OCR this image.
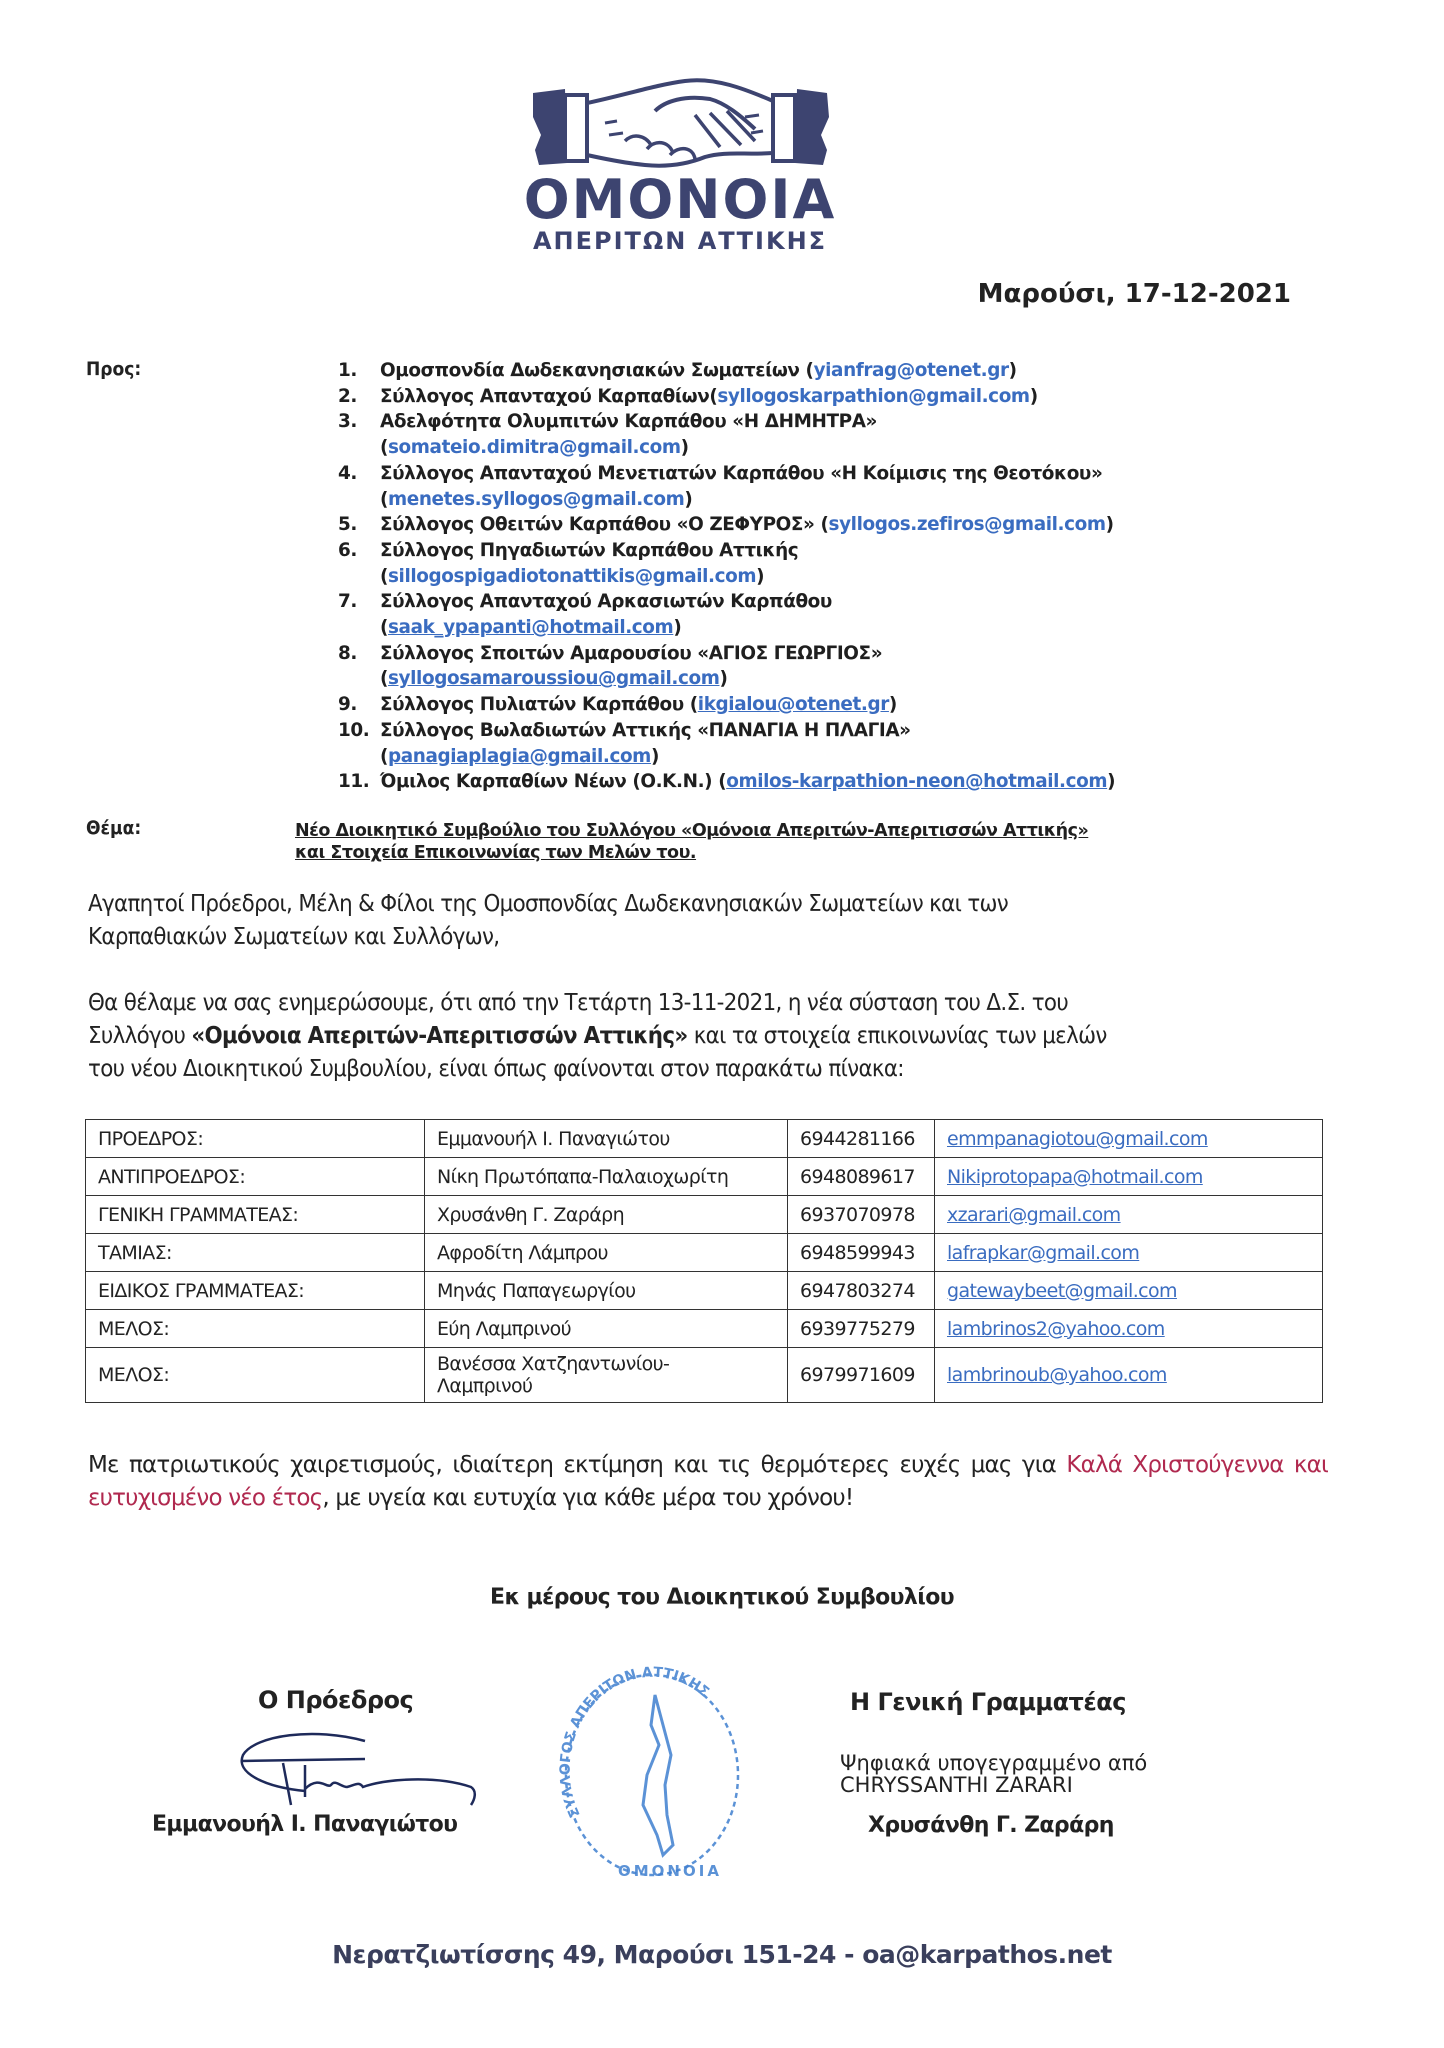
ΟΜΟΝΟΙΑ
ΑΠΕΡΙΤΩΝ ΑΤΤΙΚΗΣ
Μαρούσι, 17-12-2021
Προς:	1.	Ομοσπονδία Δωδεκανησιακών Σωματείων (yianfrag@otenet.gr)
2.	Σύλλογος Απανταχού Καρπαθίων(syllogoskarpathion@gmail.com)
3.	Αδελφότητα Ολυμπιτών Καρπάθου «Η ΔΗΜΗΤΡΑ»
(somateio.dimitra@gmail.com)
4.	Σύλλογος Απανταχού Μενετιατών Καρπάθου «Η Κοίμισις της Θεοτόκου»
(menetes.syllogos@gmail.com)
5.	Σύλλογος Οθειτών Καρπάθου «Ο ΖΕΦΥΡΟΣ» (syllogos.zefiros@gmail.com)
6.	Σύλλογος Πηγαδιωτών Καρπάθου Αττικής
(sillogospigadiotonattikis@gmail.com)
7.	Σύλλογος Απανταχού Αρκασιωτών Καρπάθου
(saak_ypapanti@hotmail.com)
8.	Σύλλογος Σποιτών Αμαρουσίου «ΑΓΙΟΣ ΓΕΩΡΓΙΟΣ»
(syllogosamaroussiou@gmail.com)
9.	Σύλλογος Πυλιατών Καρπάθου (ikgialou@otenet.gr)
10. Σύλλογος Βωλαδιωτών Αττικής «ΠΑΝΑΓΙΑ Η ΠΛΑΓΙΑ»
(panagiaplagia@gmail.com)
11. Όμιλος Καρπαθίων Νέων (Ο.Κ.Ν.) (omilos-karpathion-neon@hotmail.com)
Θέμα:	Νέο Διοικητικό Συμβούλιο του Συλλόγου «Ομόνοια Απεριτών-Απεριτισσών Αττικής»
και Στοιχεία Επικοινωνίας των Μελών του.
Αγαπητοί Πρόεδροι, Μέλη & Φίλοι της Ομοσπονδίας Δωδεκανησιακών Σωματείων και των
Καρπαθιακών Σωματείων και Συλλόγων,
Θα θέλαμε να σας ενημερώσουμε, ότι από την Τετάρτη 13-11-2021, η νέα σύσταση του Δ.Σ. του
Συλλόγου «Ομόνοια Απεριτών-Απεριτισσών Αττικής» και τα στοιχεία επικοινωνίας των μελών
του νέου Διοικητικού Συμβουλίου, είναι όπως φαίνονται στον παρακάτω πίνακα:
ΠΡΟΕΔΡΟΣ:	Εμμανουήλ Ι. Παναγιώτου	6944281166	emmpanagiotou@gmail.com
ΑΝΤΙΠΡΟΕΔΡΟΣ:	Νίκη Πρωτόπαπα-Παλαιοχωρίτη	6948089617	Nikiprotopapa@hotmail.com
ΓΕΝΙΚΗ ΓΡΑΜΜΑΤΕΑΣ:	Χρυσάνθη Γ. Ζαράρη	6937070978	xzarari@gmail.com
ΤΑΜΙΑΣ:	Αφροδίτη Λάμπρου	6948599943	lafrapkar@gmail.com
ΕΙΔΙΚΟΣ ΓΡΑΜΜΑΤΕΑΣ:	Μηνάς Παπαγεωργίου	6947803274	gatewaybeet@gmail.com
ΜΕΛΟΣ:	Εύη Λαμπρινού	6939775279	lambrinos2@yahoo.com
ΜΕΛΟΣ:	Βανέσσα Χατζηαντωνίου-Λαμπρινού	6979971609	lambrinoub@yahoo.com
Με πατριωτικούς χαιρετισμούς, ιδιαίτερη εκτίμηση και τις θερμότερες ευχές μας για Καλά Χριστούγεννα και ευτυχισμένο νέο έτος, με υγεία και ευτυχία για κάθε μέρα του χρόνου!
Εκ μέρους του Διοικητικού Συμβουλίου
Ο Πρόεδρος
Εμμανουήλ Ι. Παναγιώτου	ΣΥΛΛΟΓΟΣ ΑΠΕΡΙΤΩΝ ΑΤΤΙΚΗΣ
ΟΜΟΝΟΙΑ
Η Γενική Γραμματέας
Ψηφιακά υπογεγραμμένο από
CHRYSSANTHI ZARARI
Χρυσάνθη Γ. Ζαράρη
Νερατζιωτίσσης 49, Μαρούσι 151-24 - oa@karpathos.net
